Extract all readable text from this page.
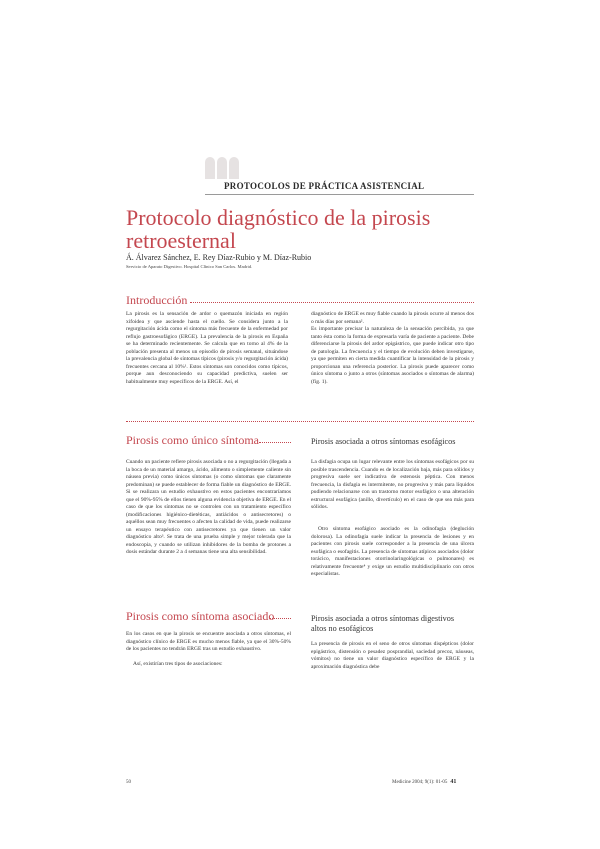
PROTOCOLOS DE PRÁCTICA ASISTENCIAL
Protocolo diagnóstico de la pirosis
retroesternal
Á. Álvarez Sánchez, E. Rey Díaz-Rubio y M. Díaz-Rubio
Servicio de Aparato Digestivo. Hospital Clínico San Carlos. Madrid.
Introducción

La pirosis es la sensación de ardor o quemazón iniciada en región xifoidea y que asciende hasta el cuello. Se considera junto a la regurgitación ácida como el síntoma más frecuente de la enfermedad por reflujo gastroesofágico (ERGE). La prevalencia de la pirosis en España se ha determinado recientemente. Se calcula que en torno al 4% de la población presenta al menos un episodio de pirosis semanal, situándose la prevalencia global de síntomas típicos (pirosis y/o regurgitación ácida) frecuentes cercana al 10%¹. Estos síntomas son conocidos como típicos, porque aun desconociendo su capacidad predictiva, suelen ser habitualmente muy específicos de la ERGE. Así, el

diagnóstico de ERGE es muy fiable cuando la pirosis ocurre al menos dos o más días por semana².

Es importante precisar la naturaleza de la sensación percibida, ya que tanto ésta como la forma de expresarla varía de paciente a paciente. Debe diferenciarse la pirosis del ardor epigástrico, que puede indicar otro tipo de patología. La frecuencia y el tiempo de evolución deben investigarse, ya que permiten en cierta medida cuantificar la intensidad de la pirosis y proporcionan una referencia posterior. La pirosis puede aparecer como único síntoma o junto a otros (síntomas asociados o síntomas de alarma) (fig. 1).

Pirosis como único síntoma

Cuando un paciente refiere pirosis asociada o no a regurgitación (llegada a la boca de un material amargo, ácido, alimento o simplemente caliente sin náusea previa) como únicos síntomas (o como síntomas que claramente predominan) se puede establecer de forma fiable un diagnóstico de ERGE. Si se realizara un estudio exhaustivo en estos pacientes encontraríamos que el 90%-95% de ellos tienen alguna evidencia objetiva de ERGE. En el caso de que los síntomas no se controlen con un tratamiento específico (modificaciones higiénico-dietéticas, antiácidos o antisecretores) o aquéllos sean muy frecuentes o afecten la calidad de vida, puede realizarse un ensayo terapéutico con antisecretores ya que tienen un valor diagnóstico alto³. Se trata de una prueba simple y mejor tolerada que la endoscopia, y cuando se utilizan inhibidores de la bomba de protones a dosis estándar durante 2 a 4 semanas tiene una alta sensibilidad.

Pirosis como síntoma asociado

En los casos en que la pirosis se encuentre asociada a otros síntomas, el diagnóstico clínico de ERGE es mucho menos fiable, ya que el 30%-50% de los pacientes no tendrán ERGE tras un estudio exhaustivo.

Así, existirían tres tipos de asociaciones:

Pirosis asociada a otros síntomas esofágicos

La disfagia ocupa un lugar relevante entre los síntomas esofágicos por su posible trascendencia. Cuando es de localización baja, más para sólidos y progresiva suele ser indicativa de estenosis péptica. Con menos frecuencia, la disfagia es intermitente, no progresiva y más para líquidos pudiendo relacionarse con un trastorno motor esofágico o una alteración estructural esofágica (anillo, divertículo) en el caso de que sea más para sólidos.

Otro síntoma esofágico asociado es la odinofagia (deglución dolorosa). La odinofagia suele indicar la presencia de lesiones y en pacientes con pirosis suele corresponder a la presencia de una úlcera esofágica o esofagitis. La presencia de síntomas atípicos asociados (dolor torácico, manifestaciones otorrinolaringológicas o pulmonares) es relativamente frecuente⁴ y exige un estudio multidisciplinario con otros especialistas.

Pirosis asociada a otros síntomas digestivos
altos no esofágicos

La presencia de pirosis en el seno de otros síntomas dispépticos (dolor epigástrico, distensión o pesadez posprandial, saciedad precoz, náuseas, vómitos) no tiene un valor diagnóstico específico de ERGE y la aproximación diagnóstica debe

50	Medicine 2004; 9(1): 01-05 41
